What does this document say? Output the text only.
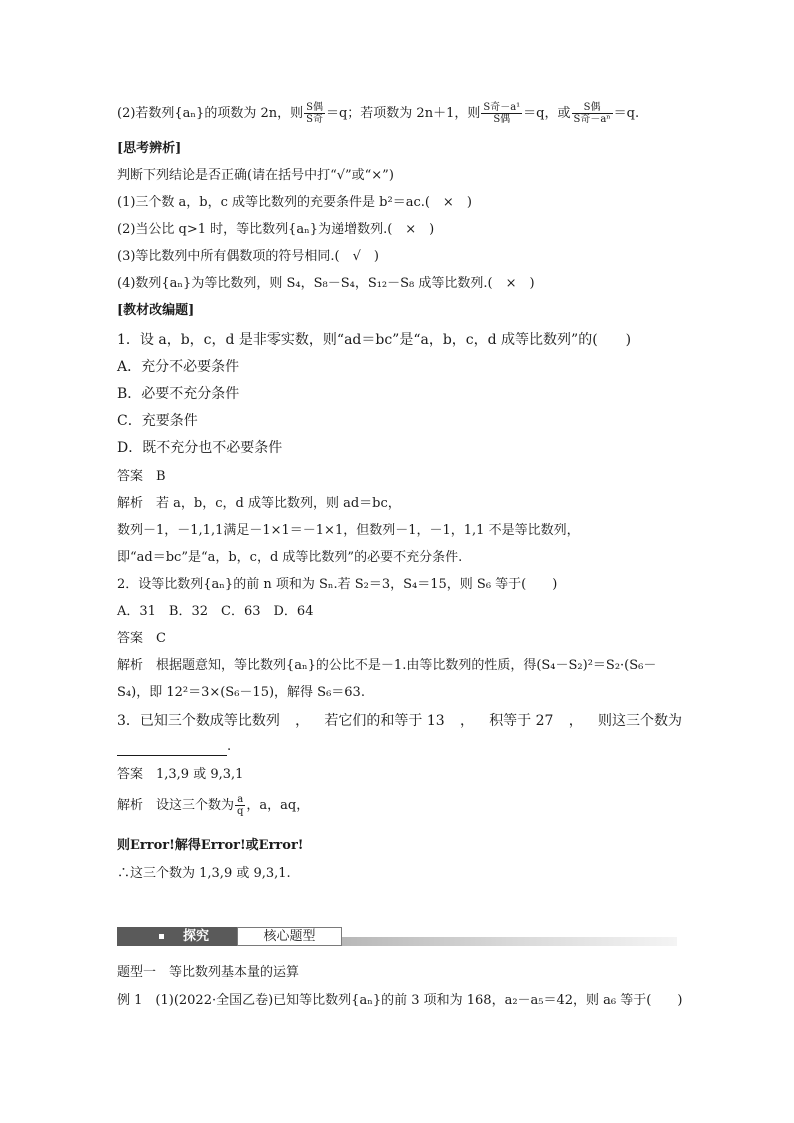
(2)若数列{aₙ}的项数为 2n，则 $\frac{\text{S偶}}{\text{S奇}} =q$；若项数为 2n＋1，则 $\frac{\text{S奇－a¹}}{\text{S偶}} =q$，或 $\frac{\text{S偶}}{\text{S奇－aⁿ}} =q$.
[思考辨析]
判断下列结论是否正确(请在括号中打“√”或“×”)
(1)三个数 a，b，c 成等比数列的充要条件是 b²＝ac.(　×　)
(2)当公比 q>1 时，等比数列{aₙ}为递增数列.(　×　)
(3)等比数列中所有偶数项的符号相同.(　√　)
(4)数列{aₙ}为等比数列，则 S₄，S₈－S₄，S₁₂－S₈ 成等比数列.(　×　)
[教材改编题]
1．设 a，b，c，d 是非零实数，则“ad＝bc”是“a，b，c，d 成等比数列”的(　　)
A．充分不必要条件
B．必要不充分条件
C．充要条件
D．既不充分也不必要条件
答案　B
解析　若 a，b，c，d 成等比数列，则 ad＝bc，
数列－1，－1,1,1满足－1×1＝－1×1，但数列－1，－1，1,1 不是等比数列，
即“ad＝bc”是“a，b，c，d 成等比数列”的必要不充分条件.
2．设等比数列{aₙ}的前 n 项和为 Sₙ.若 S₂＝3，S₄＝15，则 S₆ 等于(　　)
A．31　B．32　C．63　D．64
答案　C
解析　根据题意知，等比数列{aₙ}的公比不是－1.由等比数列的性质，得(S₄－S₂)²＝S₂·(S₆－
S₄)，即 12²＝3×(S₆－15)，解得 S₆＝63.
3．已知三个数成等比数列 ， 若它们的和等于 13 ， 积等于 27 ， 则这三个数为
.
答案　1,3,9 或 9,3,1
解析　设这三个数为 $\frac{a}{q}$ ，a，aq，
则Error!解得Error!或Error!
∴这三个数为 1,3,9 或 9,3,1.
题型一　等比数列基本量的运算
例 1　(1)(2022·全国乙卷)已知等比数列{aₙ}的前 3 项和为 168，a₂－a₅＝42，则 a₆ 等于(　　)
探究	核心题型
